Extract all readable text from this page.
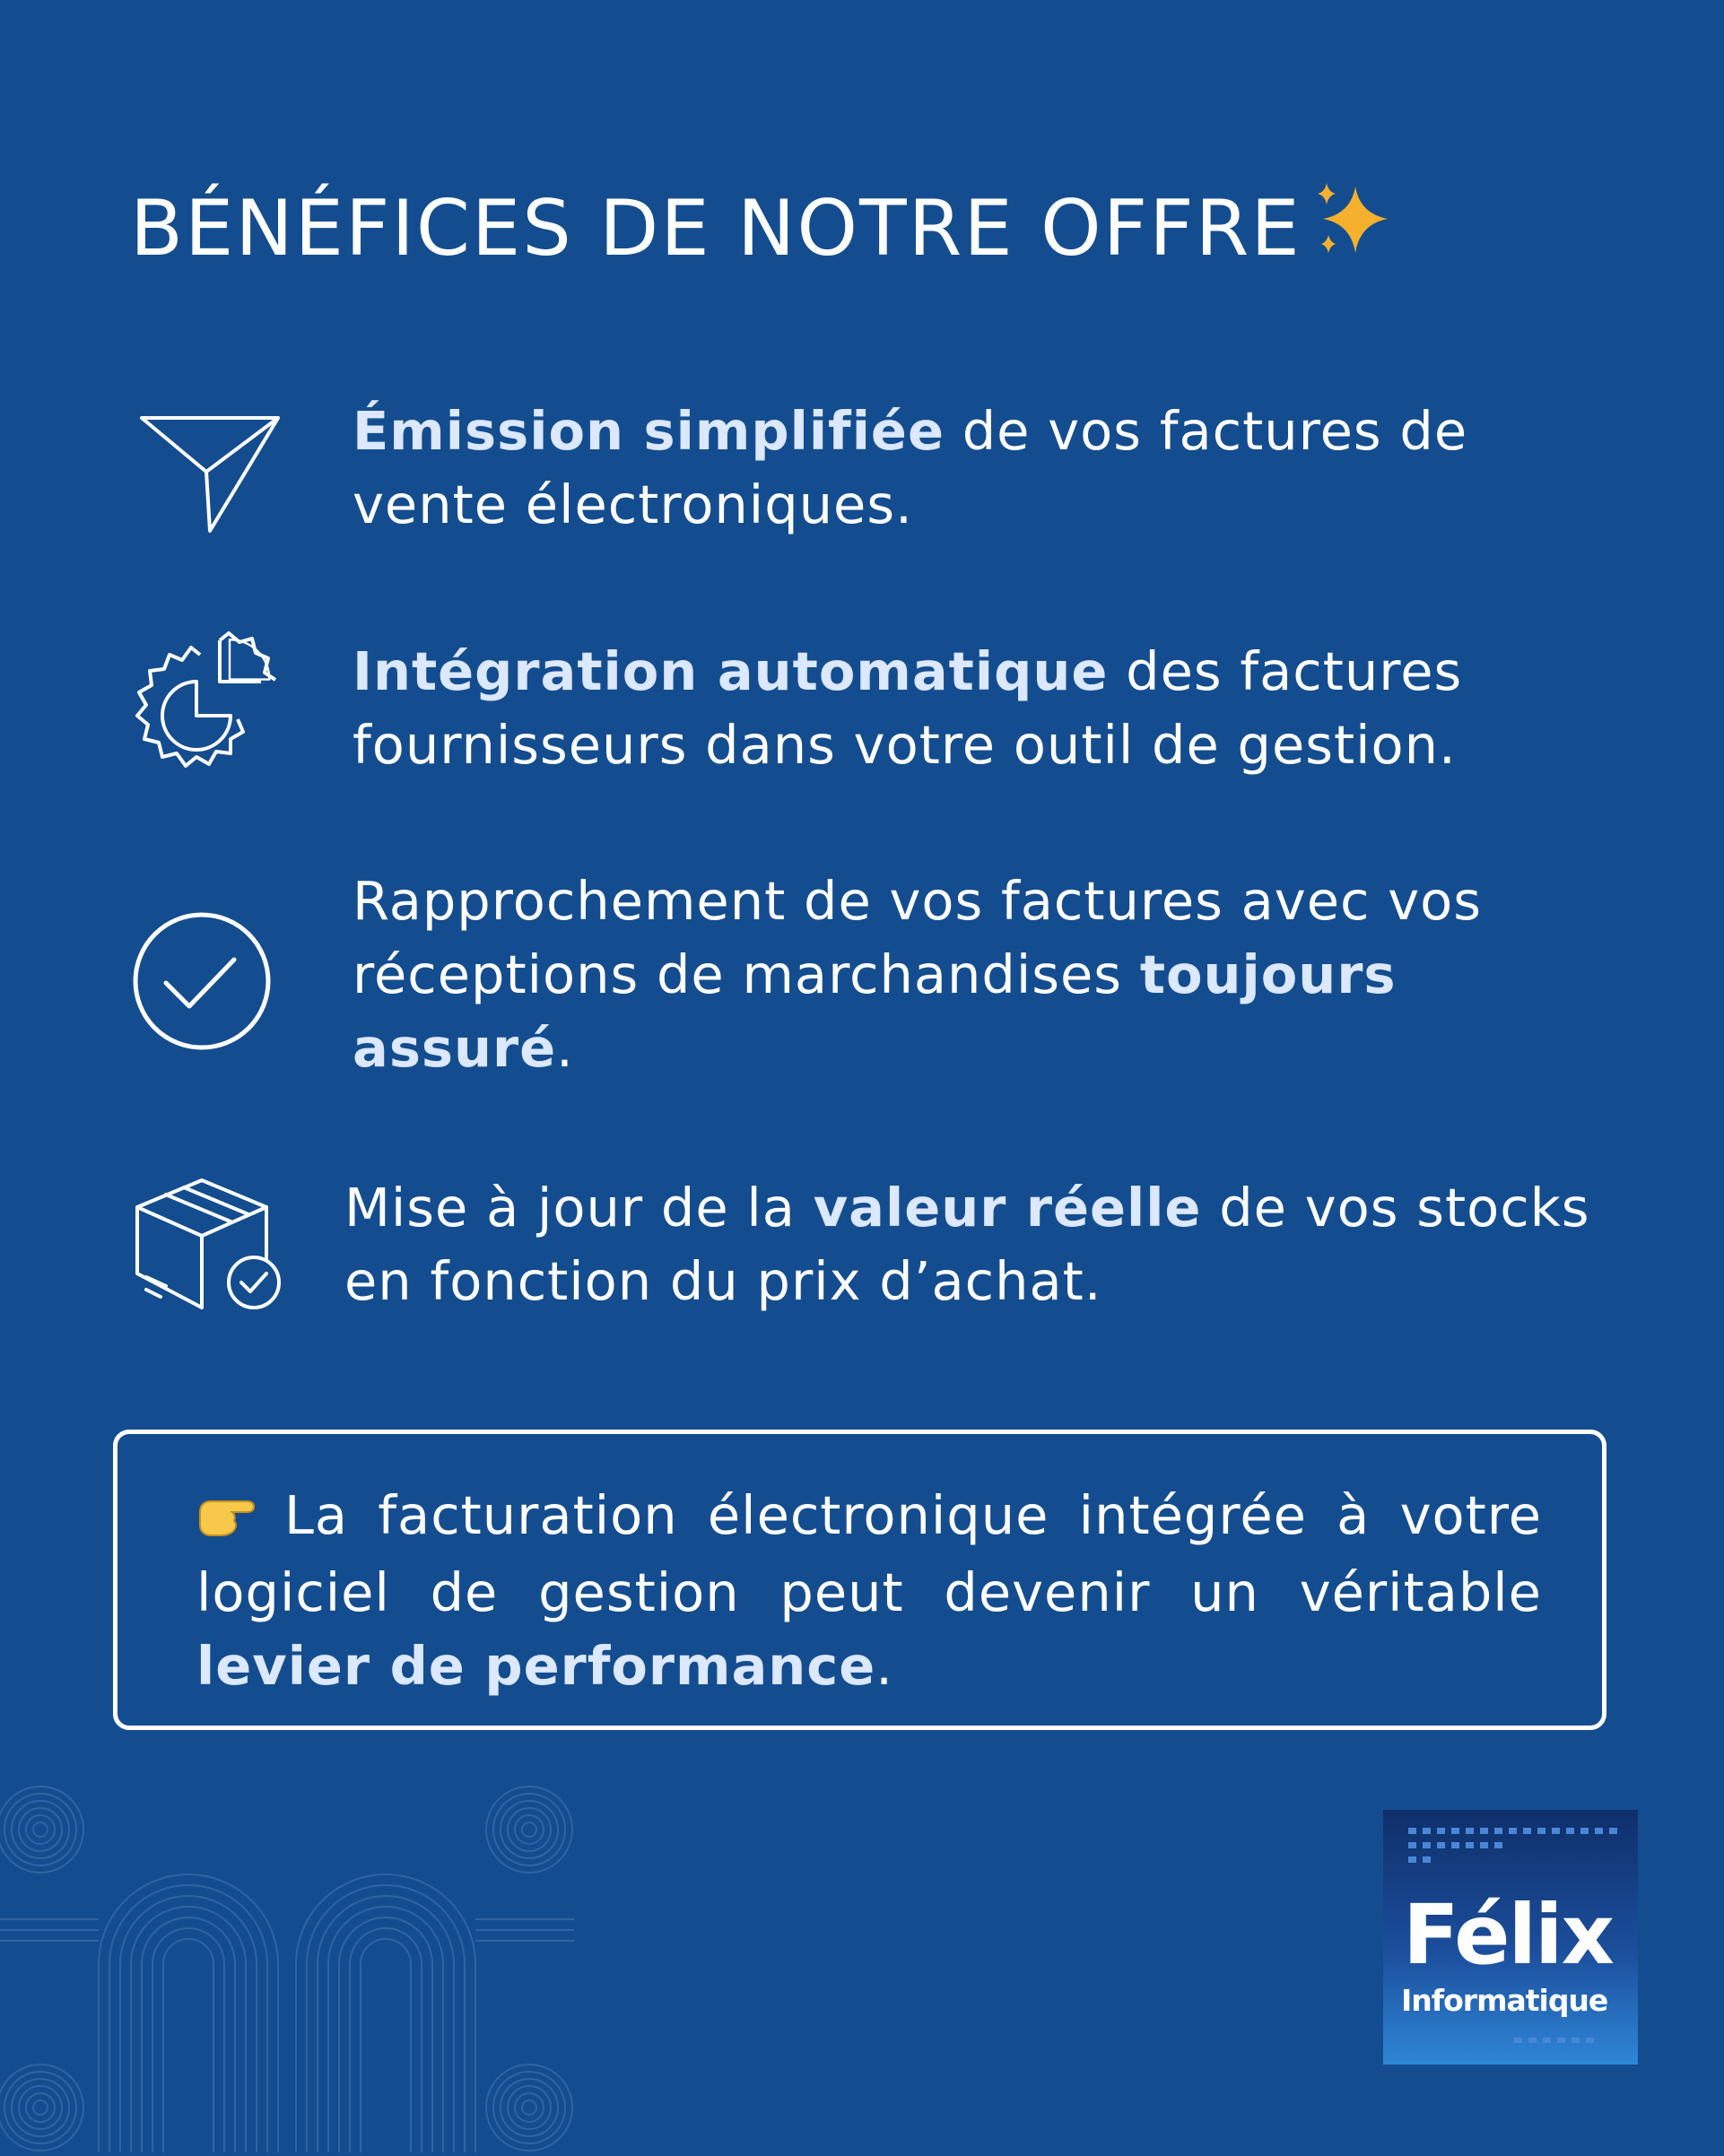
BÉNÉFICES DE NOTRE OFFRE
Émission simplifiée de vos factures de vente électroniques.
Intégration automatique des factures fournisseurs dans votre outil de gestion.
Rapprochement de vos factures avec vos réceptions de marchandises toujours assuré.
Mise à jour de la valeur réelle de vos stocks en fonction du prix d’achat.
La facturation électronique intégrée à votre logiciel de gestion peut devenir un véritable levier de performance.
Félix
Informatique
